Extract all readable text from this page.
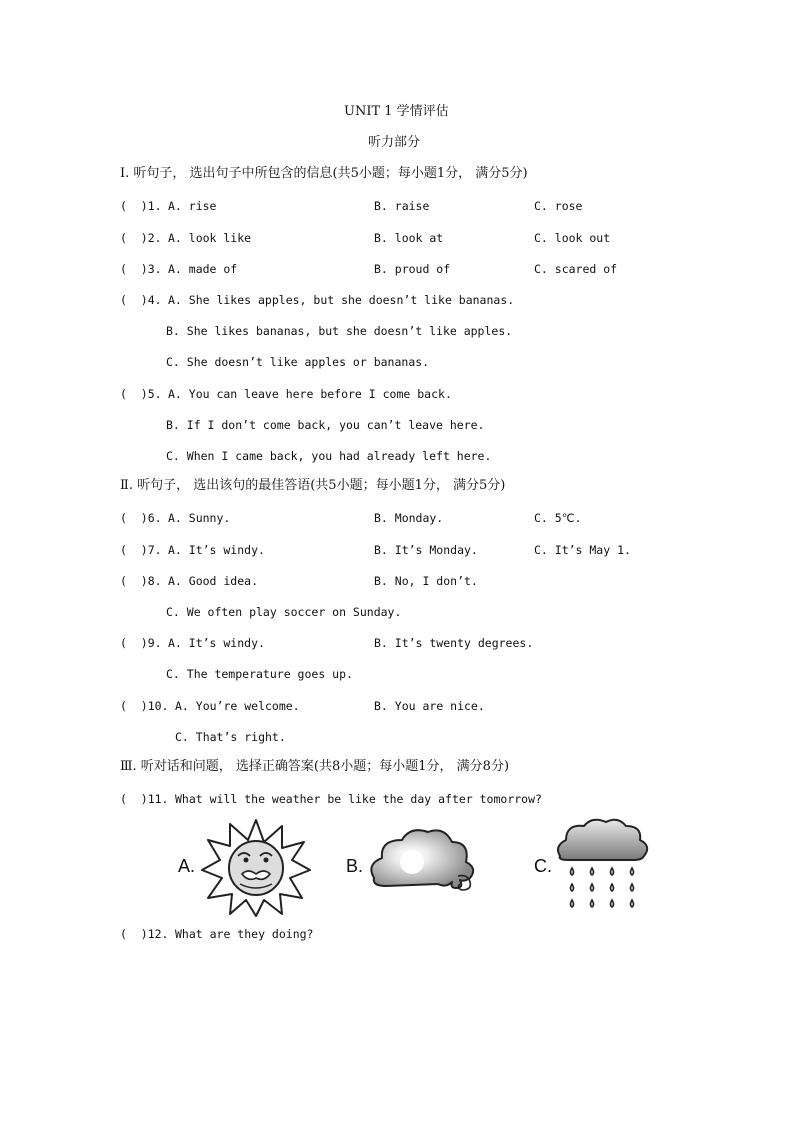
UNIT 1 学情评估
听力部分
Ⅰ. 听句子， 选出句子中所包含的信息(共5小题；每小题1分， 满分5分)
(  )1. A. rise	B. raise	C. rose
(  )2. A. look like	B. look at	C. look out
(  )3. A. made of	B. proud of	C. scared of
(  )4. A. She likes apples, but she doesn’t like bananas.
B. She likes bananas, but she doesn’t like apples.
C. She doesn’t like apples or bananas.
(  )5. A. You can leave here before I come back.
B. If I don’t come back, you can’t leave here.
C. When I came back, you had already left here.
Ⅱ. 听句子， 选出该句的最佳答语(共5小题；每小题1分， 满分5分)
(  )6. A. Sunny.	B. Monday.	C. 5℃.
(  )7. A. It’s windy.	B. It’s Monday.	C. It’s May 1.
(  )8. A. Good idea.	B. No, I don’t.
C. We often play soccer on Sunday.
(  )9. A. It’s windy.	B. It’s twenty degrees.
C. The temperature goes up.
(  )10. A. You’re welcome.	B. You are nice.
C. That’s right.
Ⅲ. 听对话和问题， 选择正确答案(共8小题；每小题1分， 满分8分)
(  )11. What will the weather be like the day after tomorrow?
A.	B.	C.
(  )12. What are they doing?
